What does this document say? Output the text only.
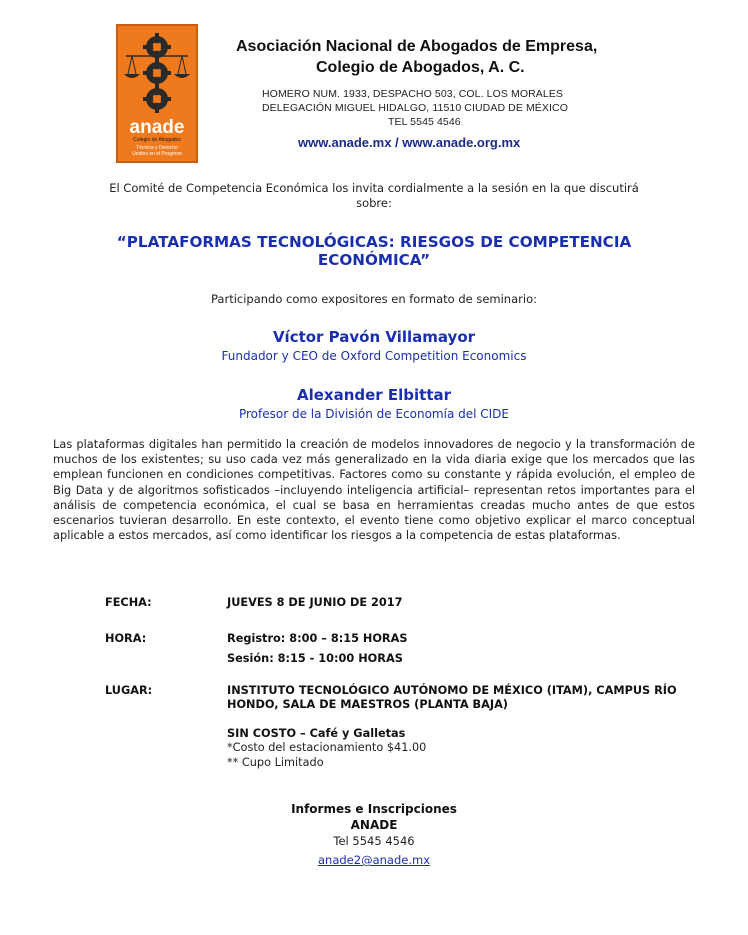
anade
Colegio de Abogados
Técnica y Derecho
Unidos en el Progreso
Asociación Nacional de Abogados de Empresa,
Colegio de Abogados, A. C.
HOMERO NUM. 1933, DESPACHO 503, COL. LOS MORALES
DELEGACIÓN MIGUEL HIDALGO, 11510 CIUDAD DE MÉXICO
TEL 5545 4546
www.anade.mx / www.anade.org.mx
El Comité de Competencia Económica los invita cordialmente a la sesión en la que discutirá
sobre:
“PLATAFORMAS TECNOLÓGICAS: RIESGOS DE COMPETENCIA ECONÓMICA”
Participando como expositores en formato de seminario:
Víctor Pavón Villamayor
Fundador y CEO de Oxford Competition Economics
Alexander Elbittar
Profesor de la División de Economía del CIDE
Las plataformas digitales han permitido la creación de modelos innovadores de negocio y la transformación de muchos de los existentes; su uso cada vez más generalizado en la vida diaria exige que los mercados que las emplean funcionen en condiciones competitivas. Factores como su constante y rápida evolución, el empleo de Big Data y de algoritmos sofisticados –incluyendo inteligencia artificial– representan retos importantes para el análisis de competencia económica, el cual se basa en herramientas creadas mucho antes de que estos escenarios tuvieran desarrollo. En este contexto, el evento tiene como objetivo explicar el marco conceptual aplicable a estos mercados, así como identificar los riesgos a la competencia de estas plataformas.
FECHA:	JUEVES 8 DE JUNIO DE 2017
HORA:	Registro: 8:00 – 8:15 HORAS
Sesión: 8:15 - 10:00 HORAS
LUGAR:	INSTITUTO TECNOLÓGICO AUTÓNOMO DE MÉXICO (ITAM), CAMPUS RÍO HONDO, SALA DE MAESTROS (PLANTA BAJA)
SIN COSTO – Café y Galletas
*Costo del estacionamiento $41.00
** Cupo Limitado
Informes e Inscripciones
ANADE
Tel 5545 4546
anade2@anade.mx
